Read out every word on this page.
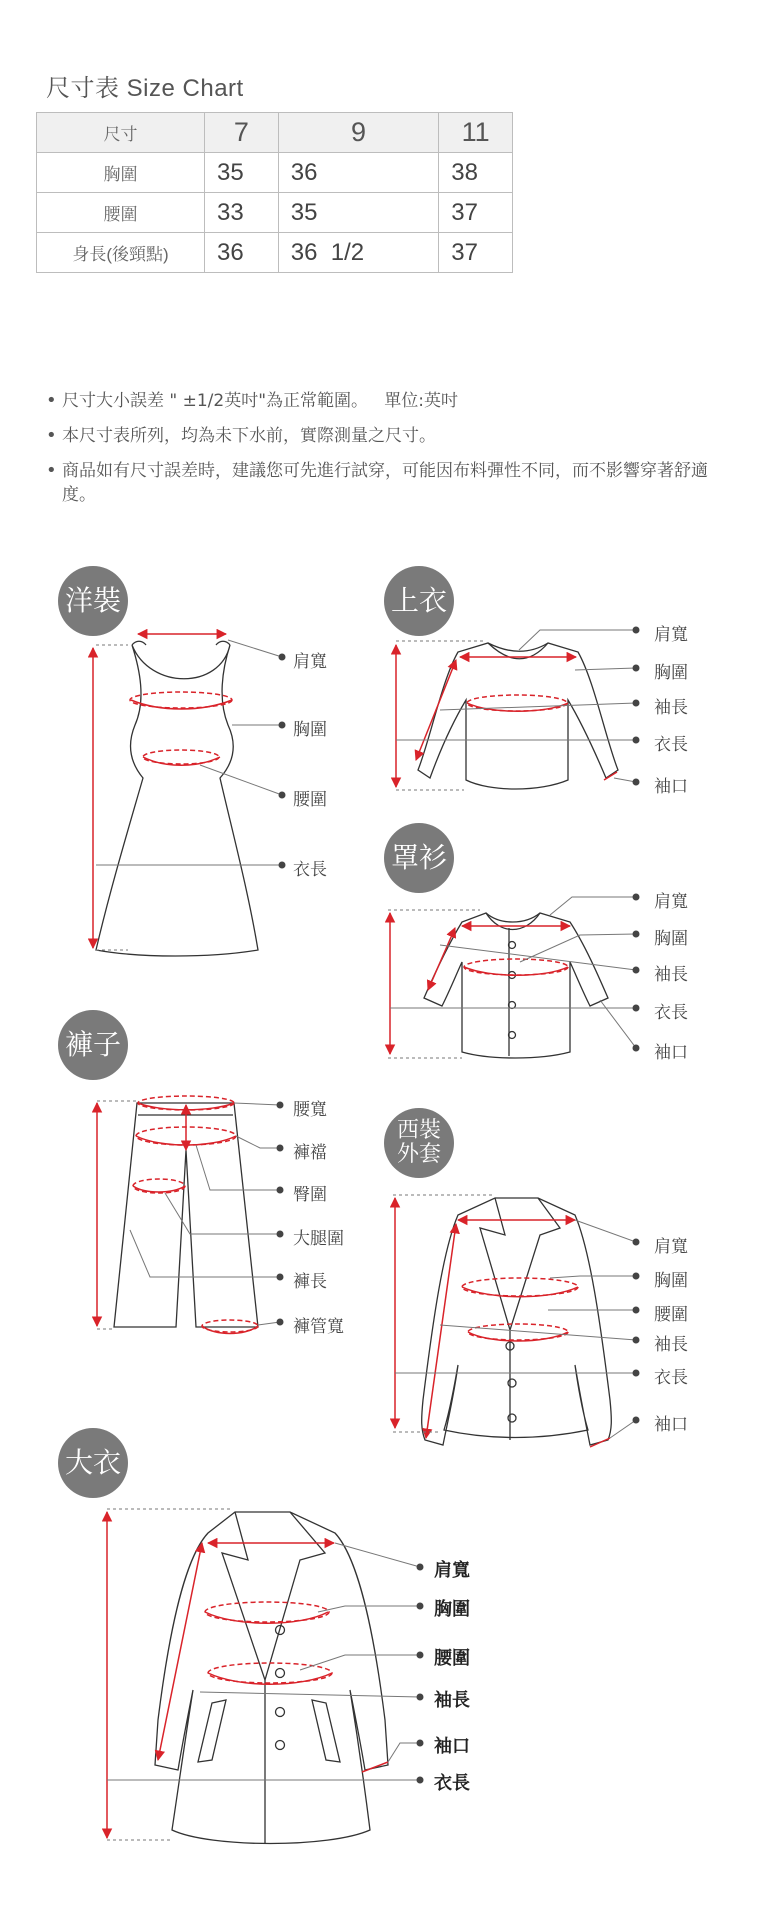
尺寸表 Size Chart
尺寸	7	9	11
胸圍	35	36	38
腰圍	33	35	37
身長(後頸點)	36	36  1/2	37
• 尺寸大小誤差 " ±1/2英吋"為正常範圍。   單位:英吋
• 本尺寸表所列，均為未下水前，實際測量之尺寸。
• 商品如有尺寸誤差時，建議您可先進行試穿，可能因布料彈性不同，而不影響穿著舒適度。
洋裝	上衣
罩衫
褲子
西裝
外套
大衣
肩寬
胸圍
腰圍
衣長
肩寬
胸圍
袖長
衣長
袖口
肩寬
胸圍
袖長
衣長
袖口
腰寬
褲襠
臀圍
大腿圍
褲長
褲管寬
肩寬
胸圍
腰圍
袖長
衣長
袖口
肩寬
胸圍
腰圍
袖長
袖口
衣長
